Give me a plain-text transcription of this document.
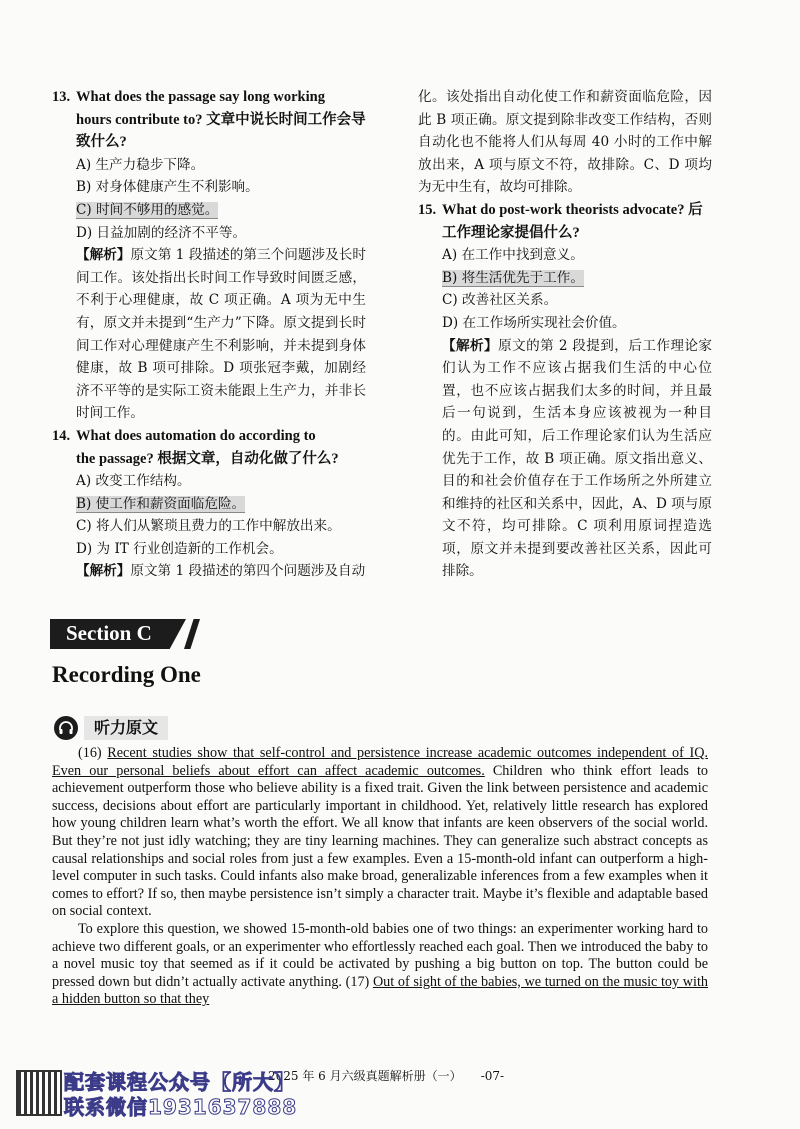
13. What does the passage say long working
hours contribute to? 文章中说长时间工作会导致什么?
A) 生产力稳步下降。
B) 对身体健康产生不利影响。
C) 时间不够用的感觉。
D) 日益加剧的经济不平等。
【解析】原文第 1 段描述的第三个问题涉及长时间工作。该处指出长时间工作导致时间匮乏感，不利于心理健康，故 C 项正确。A 项为无中生有，原文并未提到“生产力”下降。原文提到长时间工作对心理健康产生不利影响，并未提到身体健康，故 B 项可排除。D 项张冠李戴，加剧经济不平等的是实际工资未能跟上生产力，并非长时间工作。
14. What does automation do according to
the passage? 根据文章，自动化做了什么?
A) 改变工作结构。
B) 使工作和薪资面临危险。
C) 将人们从繁琐且费力的工作中解放出来。
D) 为 IT 行业创造新的工作机会。
【解析】原文第 1 段描述的第四个问题涉及自动
化。该处指出自动化使工作和薪资面临危险，因此 B 项正确。原文提到除非改变工作结构，否则自动化也不能将人们从每周 40 小时的工作中解放出来，A 项与原文不符，故排除。C、D 项均为无中生有，故均可排除。
15. What do post-work theorists advocate? 后
工作理论家提倡什么?
A) 在工作中找到意义。
B) 将生活优先于工作。
C) 改善社区关系。
D) 在工作场所实现社会价值。
【解析】原文的第 2 段提到，后工作理论家们认为工作不应该占据我们生活的中心位置，也不应该占据我们太多的时间，并且最后一句说到，生活本身应该被视为一种目的。由此可知，后工作理论家们认为生活应优先于工作，故 B 项正确。原文指出意义、目的和社会价值存在于工作场所之外所建立和维持的社区和关系中，因此，A、D 项与原文不符，均可排除。C 项利用原词捏造选项，原文并未提到要改善社区关系，因此可排除。
Section C
Recording One
听力原文

(16) Recent studies show that self-control and persistence increase academic outcomes independent of IQ. Even our personal beliefs about effort can affect academic outcomes. Children who think effort leads to achievement outperform those who believe ability is a fixed trait. Given the link between persistence and academic success, decisions about effort are particularly important in childhood. Yet, relatively little research has explored how young children learn what’s worth the effort. We all know that infants are keen observers of the social world. But they’re not just idly watching; they are tiny learning machines. They can generalize such abstract concepts as causal relationships and social roles from just a few examples. Even a 15-month-old infant can outperform a high-level computer in such tasks. Could infants also make broad, generalizable inferences from a few examples when it comes to effort? If so, then maybe persistence isn’t simply a character trait. Maybe it’s flexible and adaptable based on social context.

To explore this question, we showed 15-month-old babies one of two things: an experimenter working hard to achieve two different goals, or an experimenter who effortlessly reached each goal. Then we introduced the baby to a novel music toy that seemed as if it could be activated by pushing a big button on top. The button could be pressed down but didn’t actually activate anything. (17) Out of sight of the babies, we turned on the music toy with a hidden button so that they

2025 年 6 月六级真题解析册（一） -07-
配套课程公众号【所大】
联系微信1931637888
